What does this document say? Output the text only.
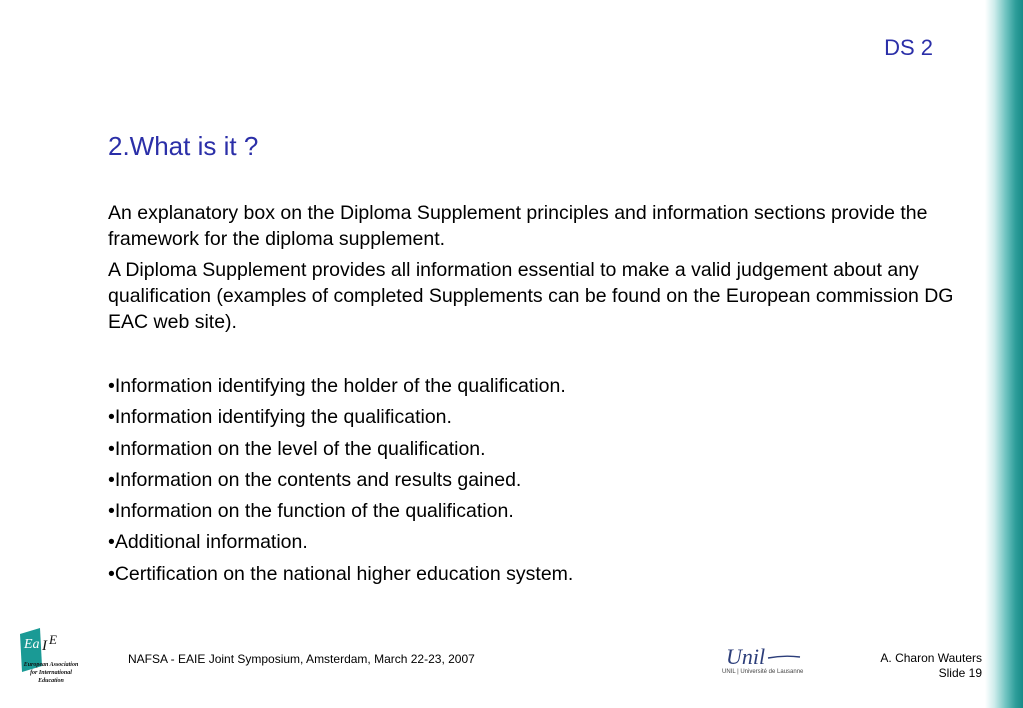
DS 2
2.What is it ?

An explanatory box on the Diploma Supplement principles and information sections provide the framework for the diploma supplement.

A Diploma Supplement provides all information essential to make a valid judgement about any qualification (examples of completed Supplements can be found on the European commission DG EAC web site).

•Information identifying the holder of the qualification.
•Information identifying the qualification.
•Information on the level of the qualification.
•Information on the contents and results gained.
•Information on the function of the qualification.
•Additional information.
•Certification on the national higher education system.
Ea I E
European Association for International Education
NAFSA - EAIE Joint Symposium, Amsterdam, March 22-23, 2007	Unil
UNIL | Université de Lausanne
A. Charon Wauters
Slide 19
